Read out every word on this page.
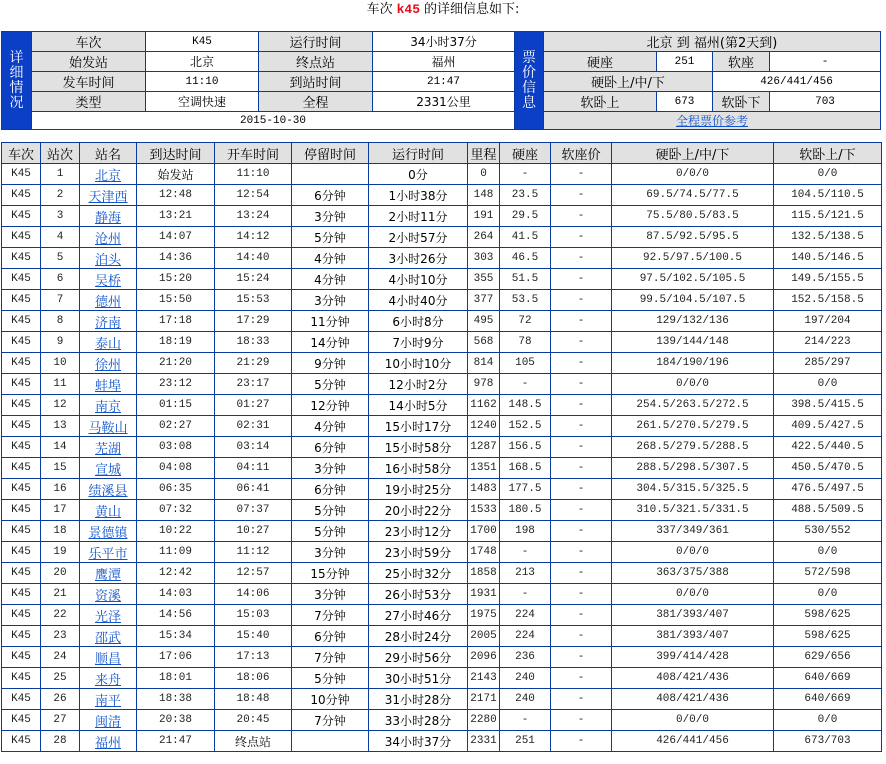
车次 k45 的详细信息如下:
详
细
情
况	车次	K45	运行时间	34小时37分	票
价
信
息	北京 到 福州(第2天到)			
	始发站	北京	终点站	福州		硬座	251	软座	-
	发车时间	11:10	到站时间	21:47		硬卧上/中/下		426/441/456	
	类型	空调快速	全程	2331公里		软卧上	673	软卧下	703
	2015-10-30					全程票价参考			
车次	站次	站名	到达时间	开车时间	停留时间	运行时间	里程	硬座	软座价	硬卧上/中/下	软卧上/下
K45	1	北京	始发站	11:10		0分	0	-	-	0/0/0	0/0
K45	2	天津西	12:48	12:54	6分钟	1小时38分	148	23.5	-	69.5/74.5/77.5	104.5/110.5
K45	3	静海	13:21	13:24	3分钟	2小时11分	191	29.5	-	75.5/80.5/83.5	115.5/121.5
K45	4	沧州	14:07	14:12	5分钟	2小时57分	264	41.5	-	87.5/92.5/95.5	132.5/138.5
K45	5	泊头	14:36	14:40	4分钟	3小时26分	303	46.5	-	92.5/97.5/100.5	140.5/146.5
K45	6	吴桥	15:20	15:24	4分钟	4小时10分	355	51.5	-	97.5/102.5/105.5	149.5/155.5
K45	7	德州	15:50	15:53	3分钟	4小时40分	377	53.5	-	99.5/104.5/107.5	152.5/158.5
K45	8	济南	17:18	17:29	11分钟	6小时8分	495	72	-	129/132/136	197/204
K45	9	泰山	18:19	18:33	14分钟	7小时9分	568	78	-	139/144/148	214/223
K45	10	徐州	21:20	21:29	9分钟	10小时10分	814	105	-	184/190/196	285/297
K45	11	蚌埠	23:12	23:17	5分钟	12小时2分	978	-	-	0/0/0	0/0
K45	12	南京	01:15	01:27	12分钟	14小时5分	1162	148.5	-	254.5/263.5/272.5	398.5/415.5
K45	13	马鞍山	02:27	02:31	4分钟	15小时17分	1240	152.5	-	261.5/270.5/279.5	409.5/427.5
K45	14	芜湖	03:08	03:14	6分钟	15小时58分	1287	156.5	-	268.5/279.5/288.5	422.5/440.5
K45	15	宣城	04:08	04:11	3分钟	16小时58分	1351	168.5	-	288.5/298.5/307.5	450.5/470.5
K45	16	绩溪县	06:35	06:41	6分钟	19小时25分	1483	177.5	-	304.5/315.5/325.5	476.5/497.5
K45	17	黄山	07:32	07:37	5分钟	20小时22分	1533	180.5	-	310.5/321.5/331.5	488.5/509.5
K45	18	景德镇	10:22	10:27	5分钟	23小时12分	1700	198	-	337/349/361	530/552
K45	19	乐平市	11:09	11:12	3分钟	23小时59分	1748	-	-	0/0/0	0/0
K45	20	鹰潭	12:42	12:57	15分钟	25小时32分	1858	213	-	363/375/388	572/598
K45	21	资溪	14:03	14:06	3分钟	26小时53分	1931	-	-	0/0/0	0/0
K45	22	光泽	14:56	15:03	7分钟	27小时46分	1975	224	-	381/393/407	598/625
K45	23	邵武	15:34	15:40	6分钟	28小时24分	2005	224	-	381/393/407	598/625
K45	24	顺昌	17:06	17:13	7分钟	29小时56分	2096	236	-	399/414/428	629/656
K45	25	来舟	18:01	18:06	5分钟	30小时51分	2143	240	-	408/421/436	640/669
K45	26	南平	18:38	18:48	10分钟	31小时28分	2171	240	-	408/421/436	640/669
K45	27	闽清	20:38	20:45	7分钟	33小时28分	2280	-	-	0/0/0	0/0
K45	28	福州	21:47	终点站		34小时37分	2331	251	-	426/441/456	673/703
